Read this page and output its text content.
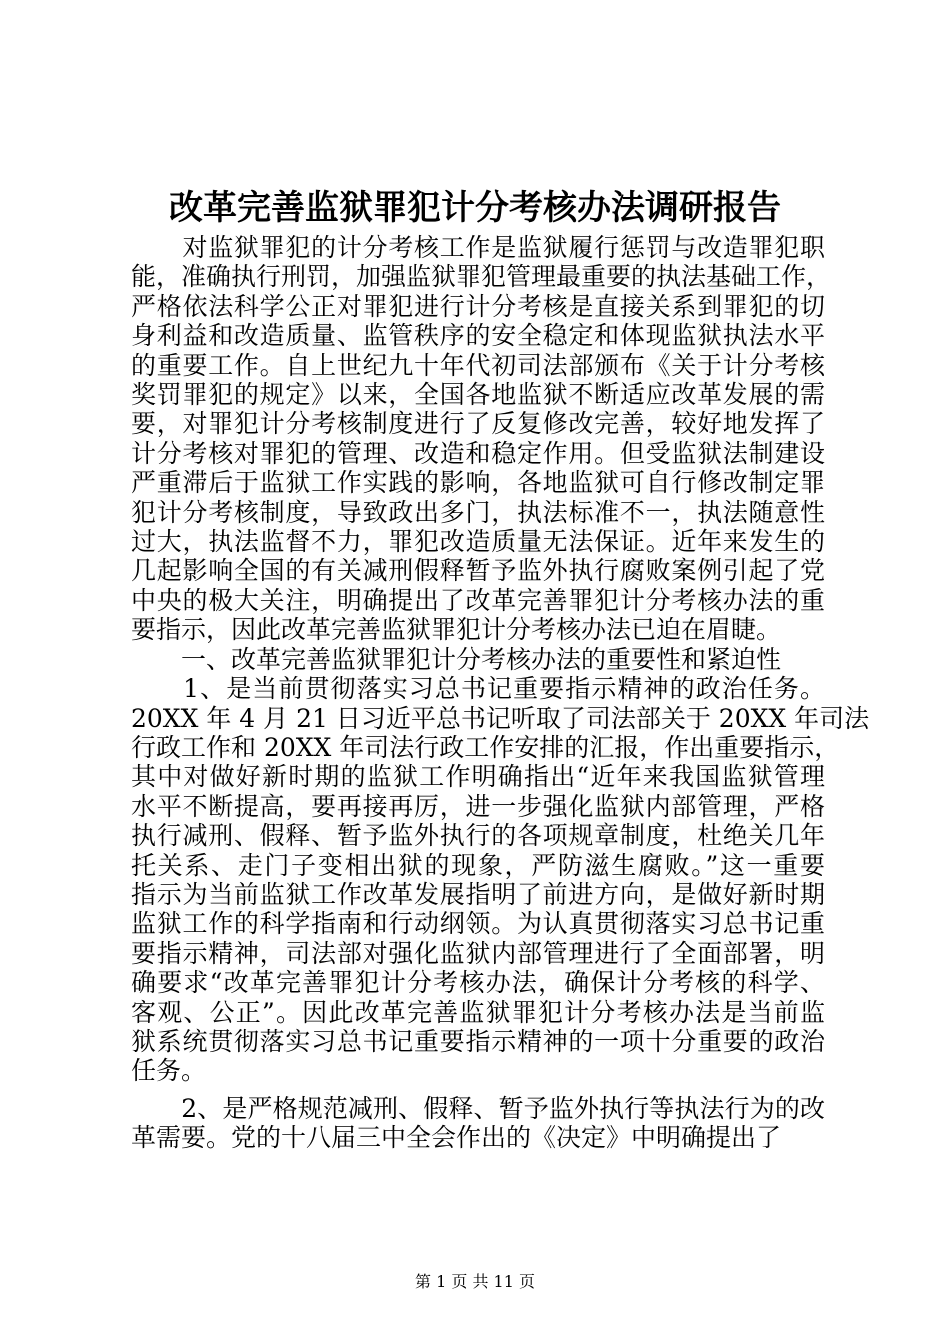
改革完善监狱罪犯计分考核办法调研报告
　　对监狱罪犯的计分考核工作是监狱履行惩罚与改造罪犯职
能，准确执行刑罚，加强监狱罪犯管理最重要的执法基础工作，
严格依法科学公正对罪犯进行计分考核是直接关系到罪犯的切
身利益和改造质量、监管秩序的安全稳定和体现监狱执法水平
的重要工作。自上世纪九十年代初司法部颁布《关于计分考核
奖罚罪犯的规定》以来，全国各地监狱不断适应改革发展的需
要，对罪犯计分考核制度进行了反复修改完善，较好地发挥了
计分考核对罪犯的管理、改造和稳定作用。但受监狱法制建设
严重滞后于监狱工作实践的影响，各地监狱可自行修改制定罪
犯计分考核制度，导致政出多门，执法标准不一，执法随意性
过大，执法监督不力，罪犯改造质量无法保证。近年来发生的
几起影响全国的有关减刑假释暂予监外执行腐败案例引起了党
中央的极大关注，明确提出了改革完善罪犯计分考核办法的重
要指示，因此改革完善监狱罪犯计分考核办法已迫在眉睫。
　　一、改革完善监狱罪犯计分考核办法的重要性和紧迫性
　　1、是当前贯彻落实习总书记重要指示精神的政治任务。
20XX 年 4 月 21 日习近平总书记听取了司法部关于 20XX 年司法
行政工作和 20XX 年司法行政工作安排的汇报，作出重要指示，
其中对做好新时期的监狱工作明确指出“近年来我国监狱管理
水平不断提高，要再接再厉，进一步强化监狱内部管理，严格
执行减刑、假释、暂予监外执行的各项规章制度，杜绝关几年
托关系、走门子变相出狱的现象，严防滋生腐败。”这一重要
指示为当前监狱工作改革发展指明了前进方向，是做好新时期
监狱工作的科学指南和行动纲领。为认真贯彻落实习总书记重
要指示精神，司法部对强化监狱内部管理进行了全面部署，明
确要求“改革完善罪犯计分考核办法，确保计分考核的科学、
客观、公正”。因此改革完善监狱罪犯计分考核办法是当前监
狱系统贯彻落实习总书记重要指示精神的一项十分重要的政治
任务。
　　2、是严格规范减刑、假释、暂予监外执行等执法行为的改
革需要。党的十八届三中全会作出的《决定》中明确提出了
第 1 页 共 11 页
